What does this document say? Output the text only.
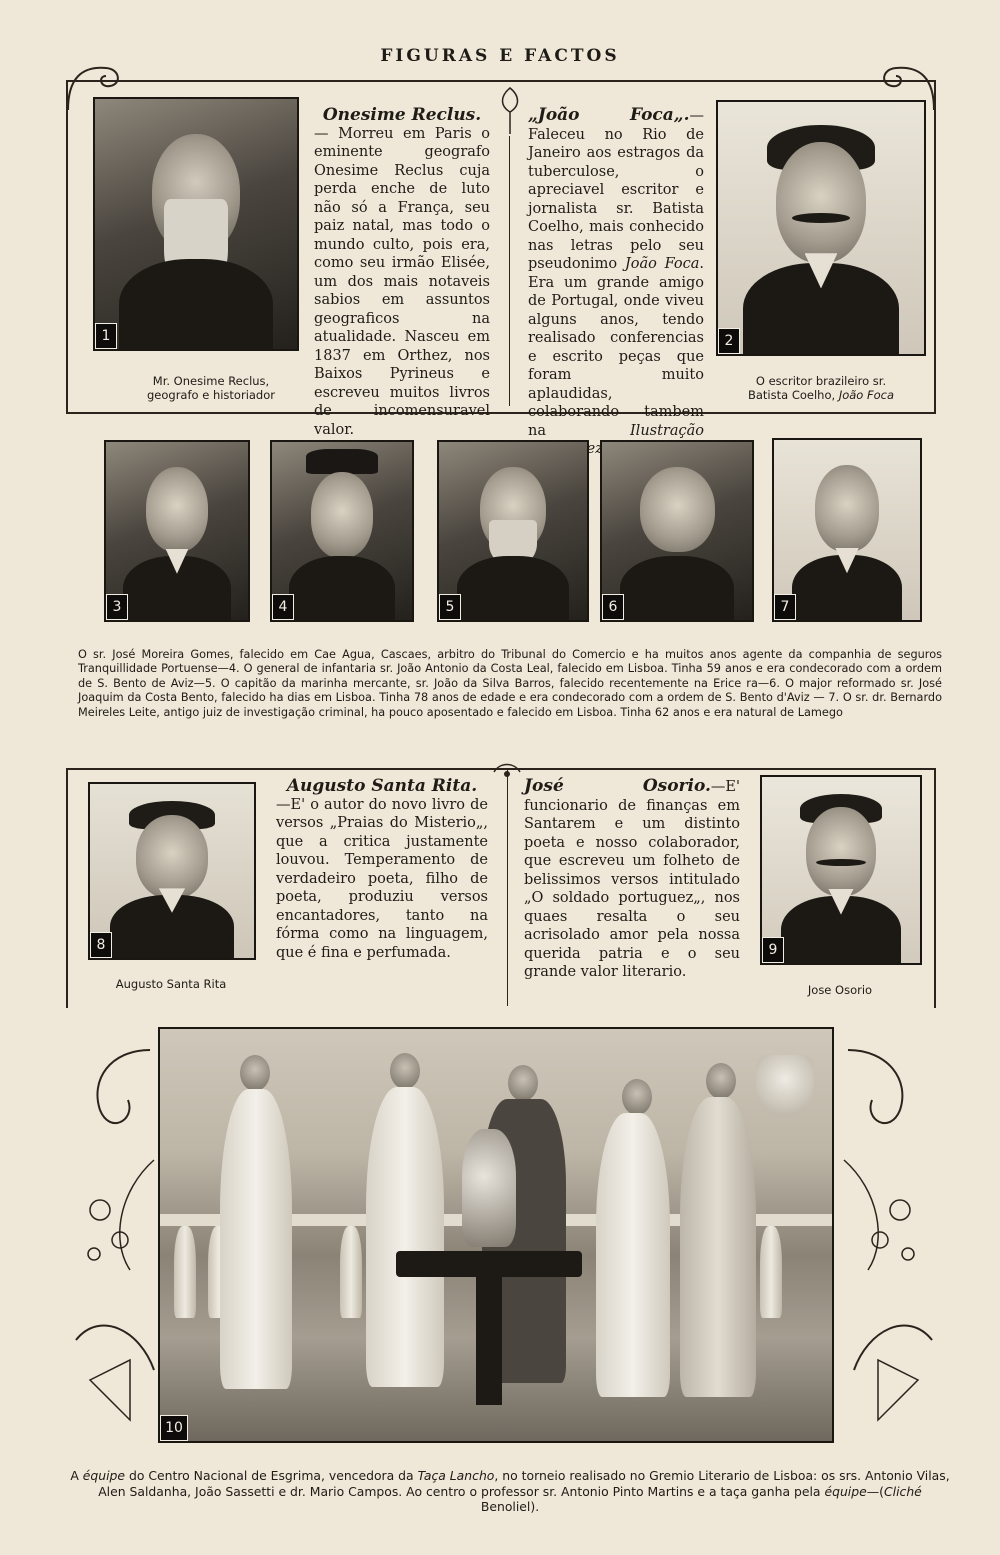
FIGURAS E FACTOS
1
Mr. Onesime Reclus,
geografo e historiador
Onesime Reclus.
— Morreu em Paris o eminente geografo Onesime Reclus cuja perda enche de luto não só a França, seu paiz natal, mas todo o mundo culto, pois era, como seu irmão Elisée, um dos mais notaveis sabios em assuntos geograficos na atualidade. Nasceu em 1837 em Orthez, nos Baixos Pyrineus e escreveu muitos livros de incomensuravel valor.
„João Foca„.—Faleceu no Rio de Janeiro aos estragos da tuberculose, o apreciavel escritor e jornalista sr. Batista Coelho, mais conhecido nas letras pelo seu pseudonimo João Foca. Era um grande amigo de Portugal, onde viveu alguns anos, tendo realisado conferencias e escrito peças que foram muito aplaudidas, colaborando tambem na Ilustração
2
O escritor brazileiro sr.
Batista Coelho, João Foca
3	4	5	6	7
O sr. José Moreira Gomes, falecido em Cae Agua, Cascaes, arbitro do Tribunal do Comercio e ha muitos anos agente da companhia de seguros Tranquillidade Portuense—4. O general de infantaria sr. João Antonio da Costa Leal, falecido em Lisboa. Tinha 59 anos e era condecorado com a ordem de S. Bento de Aviz—5. O capitão da marinha mercante, sr. João da Silva Barros, falecido recentemente na Erice ra—6. O major reformado sr. José Joaquim da Costa Bento, falecido ha dias em Lisboa. Tinha 78 anos de edade e era condecorado com a ordem de S. Bento d'Aviz — 7. O sr. dr. Bernardo Meireles Leite, antigo juiz de investigação criminal, ha pouco aposentado e falecido em Lisboa. Tinha 62 anos e era natural de Lamego
8
Augusto Santa Rita
Augusto Santa Rita.
—E' o autor do novo livro de versos „Praias do Misterio„, que a critica justamente louvou. Temperamento de verdadeiro poeta, filho de poeta, produziu versos encantadores, tanto na fórma como na linguagem, que é fina e perfumada.
José Osorio.—E' funcionario de finanças em Santarem e um distinto poeta e nosso colaborador, que escreveu um folheto de belissimos versos intitulado „O soldado portuguez„, nos quaes resalta o seu acrisolado amor pela nossa querida patria e o seu grande valor literario.
9
Jose Osorio
10
A équipe do Centro Nacional de Esgrima, vencedora da Taça Lancho, no torneio realisado no Gremio Literario de Lisboa: os srs. Antonio Vilas, Alen Saldanha, João Sassetti e dr. Mario Campos. Ao centro o professor sr. Antonio Pinto Martins e a taça ganha pela équipe—(Cliché Benoliel).
